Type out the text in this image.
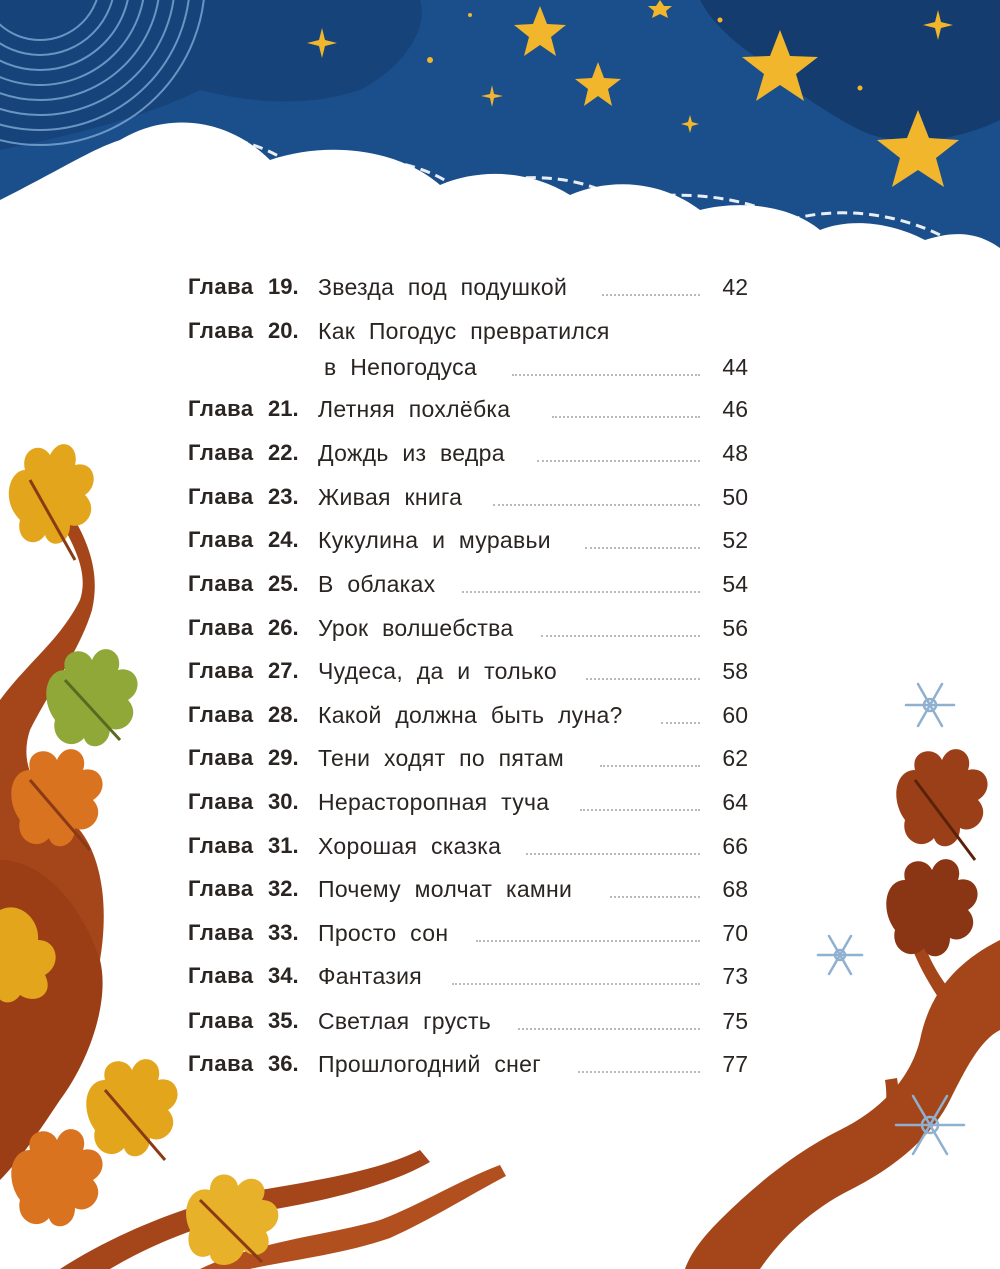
Глава 19. Звезда под подушкой	42
Глава 20. Как Погодус превратился
в Непогодуса	44
Глава 21. Летняя похлёбка	46
Глава 22. Дождь из ведра	48
Глава 23. Живая книга	50
Глава 24. Кукулина и муравьи	52
Глава 25. В облаках	54
Глава 26. Урок волшебства	56
Глава 27. Чудеса, да и только	58
Глава 28. Какой должна быть луна?	60
Глава 29. Тени ходят по пятам	62
Глава 30. Нерасторопная туча	64
Глава 31. Хорошая сказка	66
Глава 32. Почему молчат камни	68
Глава 33. Просто сон	70
Глава 34. Фантазия	73
Глава 35. Светлая грусть	75
Глава 36. Прошлогодний снег	77
